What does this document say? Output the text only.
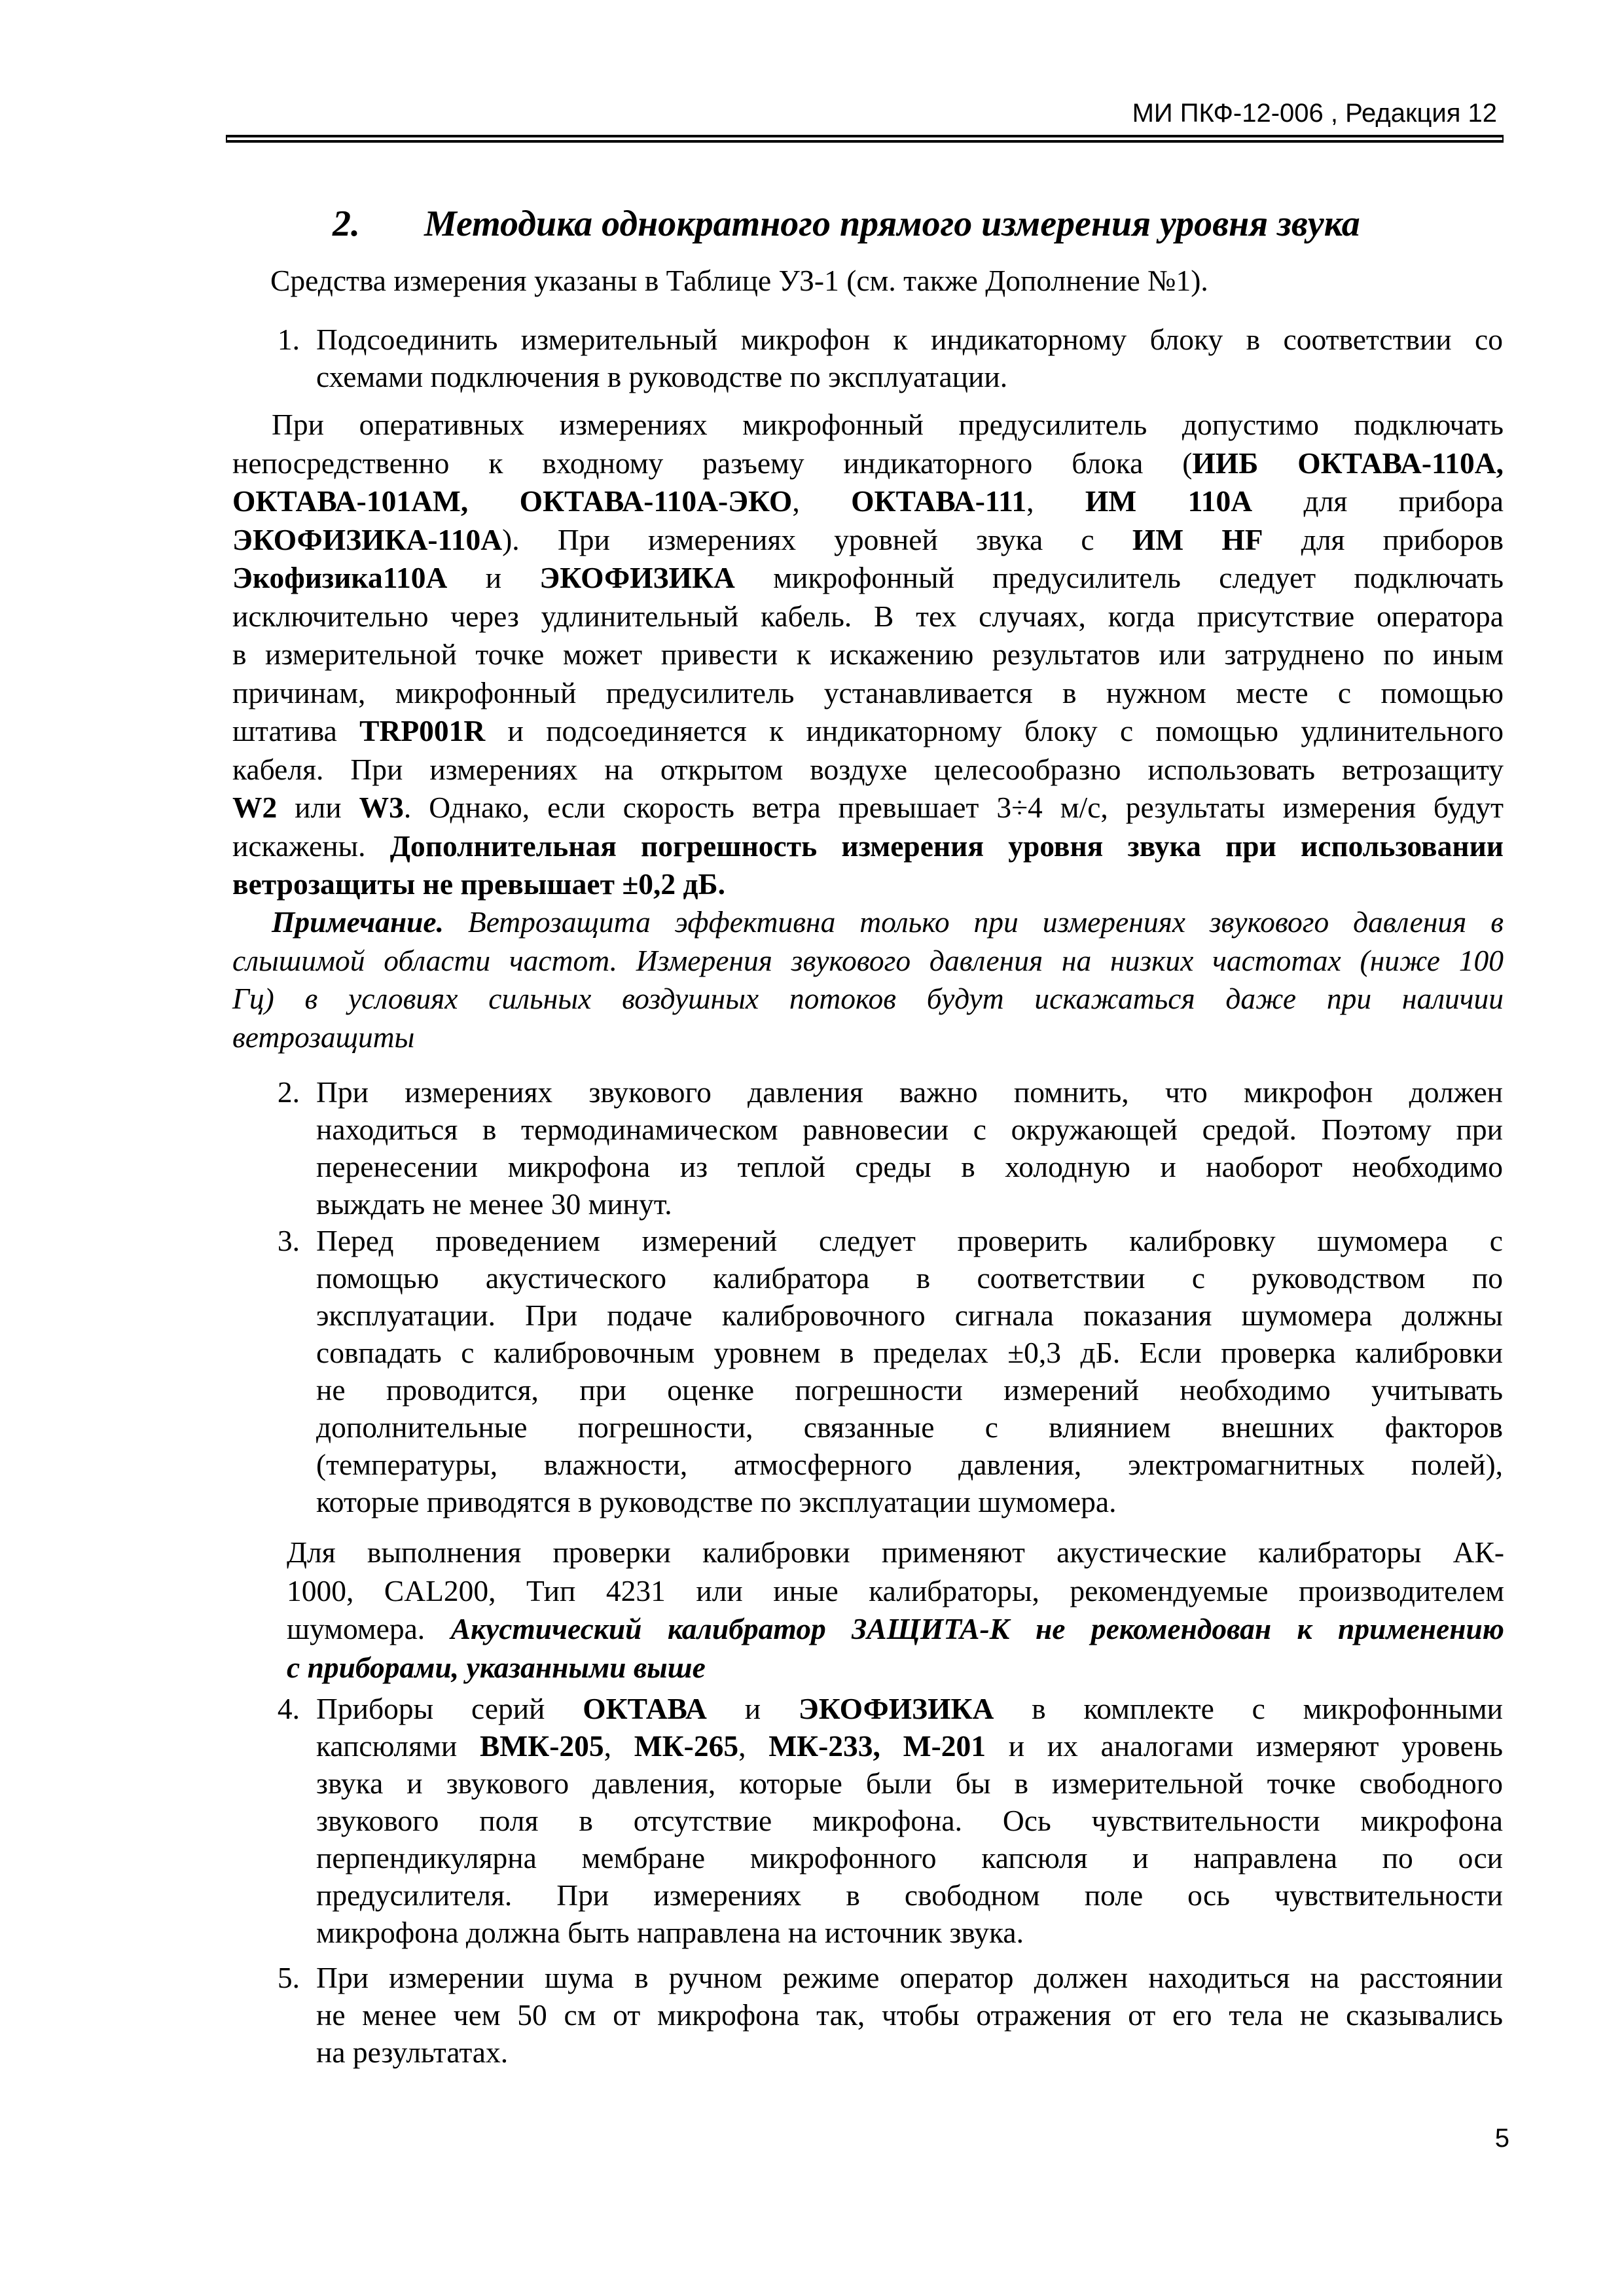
МИ ПКФ-12-006 , Редакция 12
2. Методика однократного прямого измерения уровня звука
Средства измерения указаны в Таблице УЗ-1 (см. также Дополнение №1).
1. Подсоединить измерительный микрофон к индикаторному блоку в соответствии со
схемами подключения в руководстве по эксплуатации.
При оперативных измерениях микрофонный предусилитель допустимо подключать
непосредственно к входному разъему индикаторного блока (ИИБ ОКТАВА-110А,
ОКТАВА-101АМ, ОКТАВА-110А-ЭКО, ОКТАВА-111, ИМ 110А для прибора
ЭКОФИЗИКА-110А). При измерениях уровней звука с ИМ HF для приборов
Экофизика110А и ЭКОФИЗИКА микрофонный предусилитель следует подключать
исключительно через удлинительный кабель. В тех случаях, когда присутствие оператора
в измерительной точке может привести к искажению результатов или затруднено по иным
причинам, микрофонный предусилитель устанавливается в нужном месте с помощью
штатива TRP001R и подсоединяется к индикаторному блоку с помощью удлинительного
кабеля. При измерениях на открытом воздухе целесообразно использовать ветрозащиту
W2 или W3. Однако, если скорость ветра превышает 3÷4 м/с, результаты измерения будут
искажены. Дополнительная погрешность измерения уровня звука при использовании
ветрозащиты не превышает ±0,2 дБ.
Примечание. Ветрозащита эффективна только при измерениях звукового давления в
слышимой области частот. Измерения звукового давления на низких частотах (ниже 100
Гц) в условиях сильных воздушных потоков будут искажаться даже при наличии
ветрозащиты
2. При измерениях звукового давления важно помнить, что микрофон должен
находиться в термодинамическом равновесии с окружающей средой. Поэтому при
перенесении микрофона из теплой среды в холодную и наоборот необходимо
выждать не менее 30 минут.
3. Перед проведением измерений следует проверить калибровку шумомера с
помощью акустического калибратора в соответствии с руководством по
эксплуатации. При подаче калибровочного сигнала показания шумомера должны
совпадать с калибровочным уровнем в пределах ±0,3 дБ. Если проверка калибровки
не проводится, при оценке погрешности измерений необходимо учитывать
дополнительные погрешности, связанные с влиянием внешних факторов
(температуры, влажности, атмосферного давления, электромагнитных полей),
которые приводятся в руководстве по эксплуатации шумомера.
Для выполнения проверки калибровки применяют акустические калибраторы АК-
1000, CAL200, Тип 4231 или иные калибраторы, рекомендуемые производителем
шумомера. Акустический калибратор ЗАЩИТА-К не рекомендован к применению
с приборами, указанными выше
4. Приборы серий ОКТАВА и ЭКОФИЗИКА в комплекте с микрофонными
капсюлями ВМК-205, МК-265, МК-233, М-201 и их аналогами измеряют уровень
звука и звукового давления, которые были бы в измерительной точке свободного
звукового поля в отсутствие микрофона. Ось чувствительности микрофона
перпендикулярна мембране микрофонного капсюля и направлена по оси
предусилителя. При измерениях в свободном поле ось чувствительности
микрофона должна быть направлена на источник звука.
5. При измерении шума в ручном режиме оператор должен находиться на расстоянии
не менее чем 50 см от микрофона так, чтобы отражения от его тела не сказывались
на результатах.
5
